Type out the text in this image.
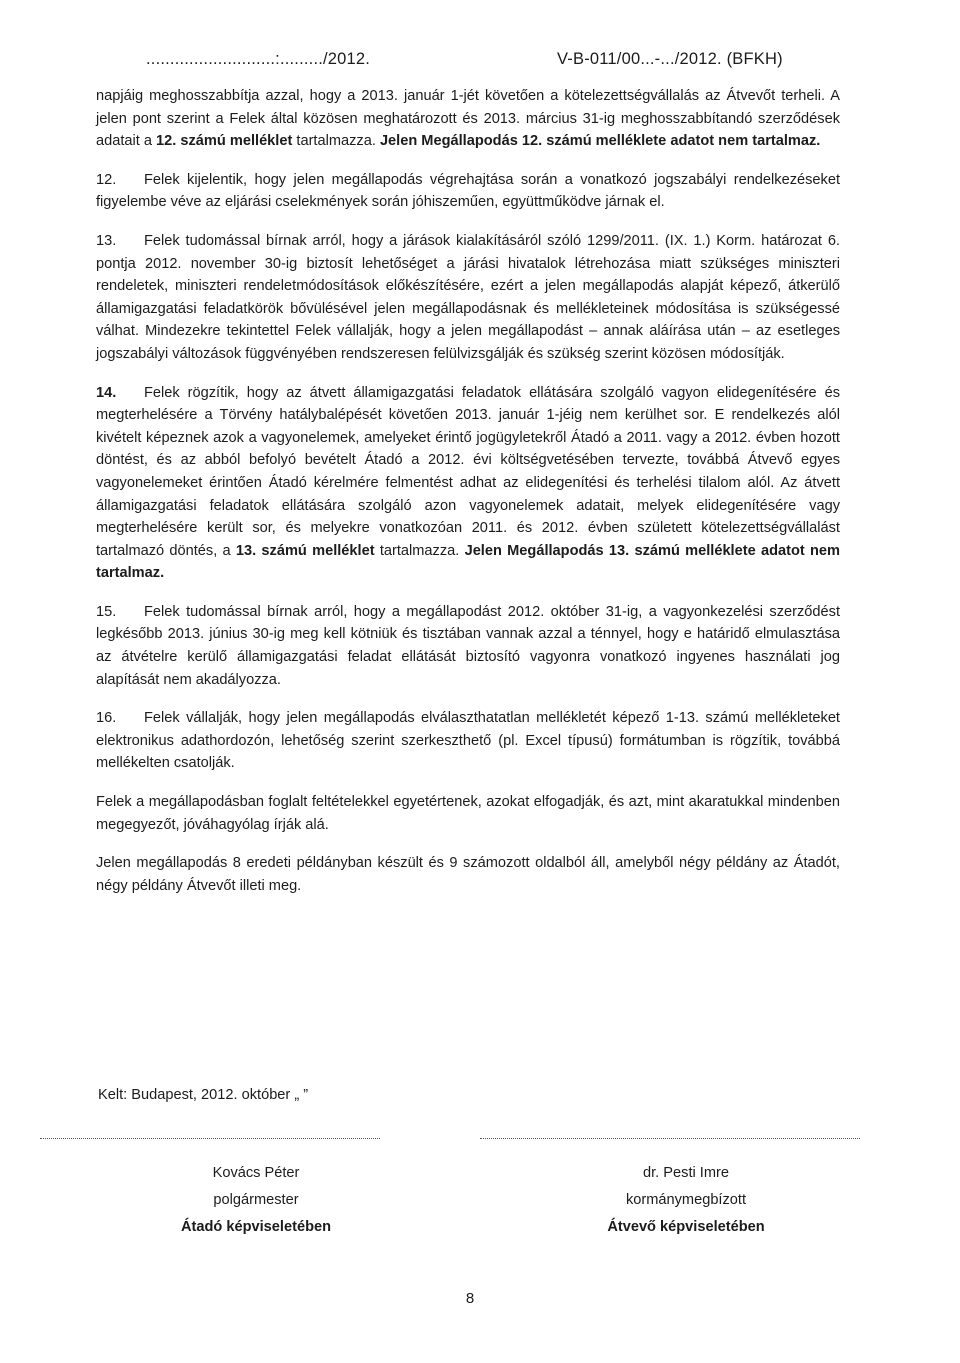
...........................:........./2012.	V-B-011/00...-.../2012. (BFKH)

napjáig meghosszabbítja azzal, hogy a 2013. január 1-jét követően a kötelezettségvállalás az Átvevőt terheli. A jelen pont szerint a Felek által közösen meghatározott és 2013. március 31-ig meghosszabbítandó szerződések adatait a 12. számú melléklet tartalmazza. Jelen Megállapodás 12. számú melléklete adatot nem tartalmaz.

12. Felek kijelentik, hogy jelen megállapodás végrehajtása során a vonatkozó jogszabályi rendelkezéseket figyelembe véve az eljárási cselekmények során jóhiszeműen, együttműködve járnak el.

13. Felek tudomással bírnak arról, hogy a járások kialakításáról szóló 1299/2011. (IX. 1.) Korm. határozat 6. pontja 2012. november 30-ig biztosít lehetőséget a járási hivatalok létrehozása miatt szükséges miniszteri rendeletek, miniszteri rendeletmódosítások előkészítésére, ezért a jelen megállapodás alapját képező, átkerülő államigazgatási feladatkörök bővülésével jelen megállapodásnak és mellékleteinek módosítása is szükségessé válhat. Mindezekre tekintettel Felek vállalják, hogy a jelen megállapodást – annak aláírása után – az esetleges jogszabályi változások függvényében rendszeresen felülvizsgálják és szükség szerint közösen módosítják.

14. Felek rögzítik, hogy az átvett államigazgatási feladatok ellátására szolgáló vagyon elidegenítésére és megterhelésére a Törvény hatálybalépését követően 2013. január 1-jéig nem kerülhet sor. E rendelkezés alól kivételt képeznek azok a vagyonelemek, amelyeket érintő jogügyletekről Átadó a 2011. vagy a 2012. évben hozott döntést, és az abból befolyó bevételt Átadó a 2012. évi költségvetésében tervezte, továbbá Átvevő egyes vagyonelemeket érintően Átadó kérelmére felmentést adhat az elidegenítési és terhelési tilalom alól. Az átvett államigazgatási feladatok ellátására szolgáló azon vagyonelemek adatait, melyek elidegenítésére vagy megterhelésére került sor, és melyekre vonatkozóan 2011. és 2012. évben született kötelezettségvállalást tartalmazó döntés, a 13. számú melléklet tartalmazza. Jelen Megállapodás 13. számú melléklete adatot nem tartalmaz.

15. Felek tudomással bírnak arról, hogy a megállapodást 2012. október 31-ig, a vagyonkezelési szerződést legkésőbb 2013. június 30-ig meg kell kötniük és tisztában vannak azzal a ténnyel, hogy e határidő elmulasztása az átvételre kerülő államigazgatási feladat ellátását biztosító vagyonra vonatkozó ingyenes használati jog alapítását nem akadályozza.

16. Felek vállalják, hogy jelen megállapodás elválaszthatatlan mellékletét képező 1-13. számú mellékleteket elektronikus adathordozón, lehetőség szerint szerkeszthető (pl. Excel típusú) formátumban is rögzítik, továbbá mellékelten csatolják.

Felek a megállapodásban foglalt feltételekkel egyetértenek, azokat elfogadják, és azt, mint akaratukkal mindenben megegyezőt, jóváhagyólag írják alá.

Jelen megállapodás 8 eredeti példányban készült és 9 számozott oldalból áll, amelyből négy példány az Átadót, négy példány Átvevőt illeti meg.

Kelt: Budapest, 2012. október „ ”
Kovács Péter
polgármester
Átadó képviseletében
dr. Pesti Imre
kormánymegbízott
Átvevő képviseletében
8
